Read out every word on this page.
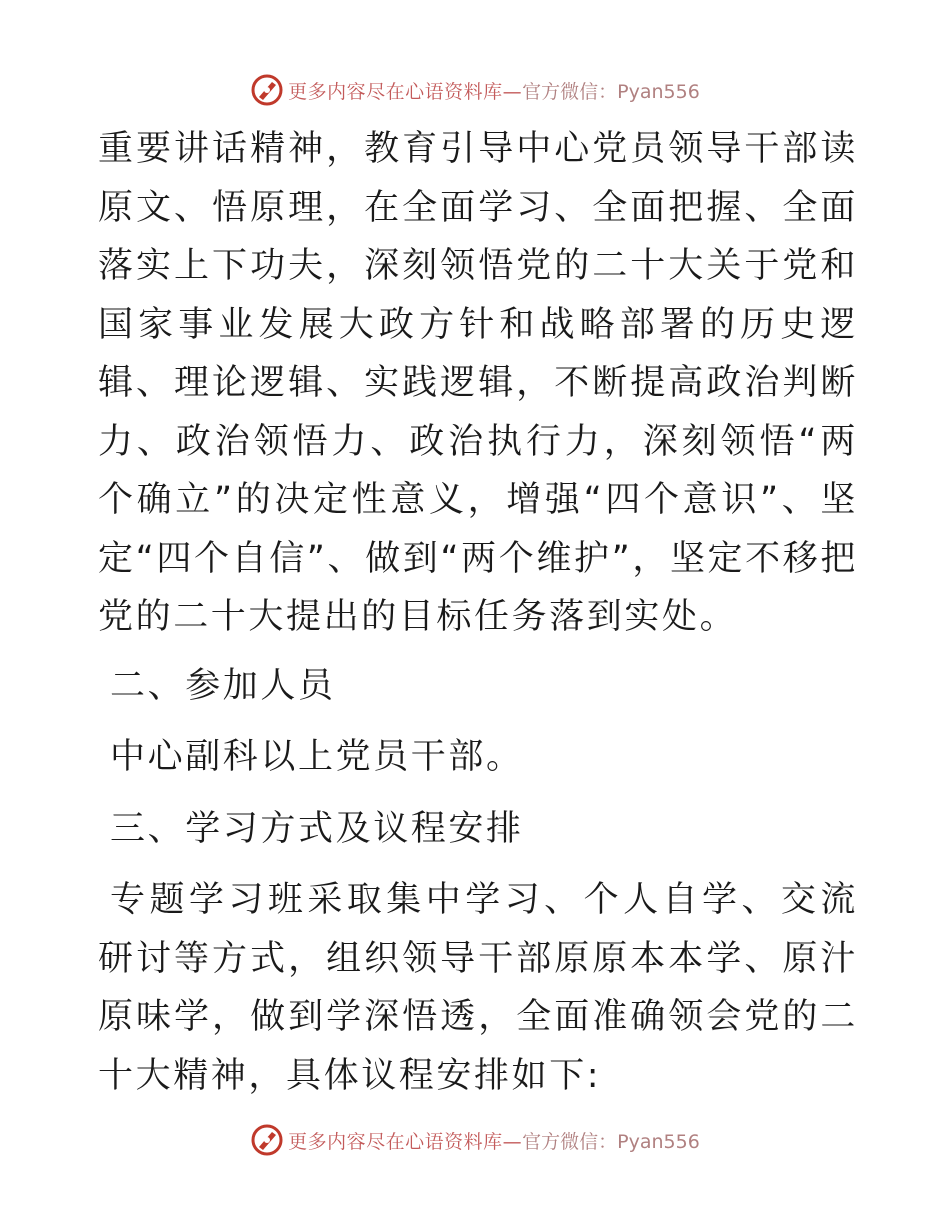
更多内容尽在心语资料库— 官方微信：Pyan556

重要讲话精神，教育引导中心党员领导干部读原文、悟原理，在全面学习、全面把握、全面落实上下功夫，深刻领悟党的二十大关于党和国家事业发展大政方针和战略部署的历史逻辑、理论逻辑、实践逻辑，不断提高政治判断力、政治领悟力、政治执行力，深刻领悟“两个确立”的决定性意义，增强“四个意识”、坚定“四个自信”、做到“两个维护”，坚定不移把党的二十大提出的目标任务落到实处。

二、参加人员

中心副科以上党员干部。

三、学习方式及议程安排

专题学习班采取集中学习、个人自学、交流研讨等方式，组织领导干部原原本本学、原汁原味学，做到学深悟透，全面准确领会党的二十大精神，具体议程安排如下:

更多内容尽在心语资料库— 官方微信：Pyan556
